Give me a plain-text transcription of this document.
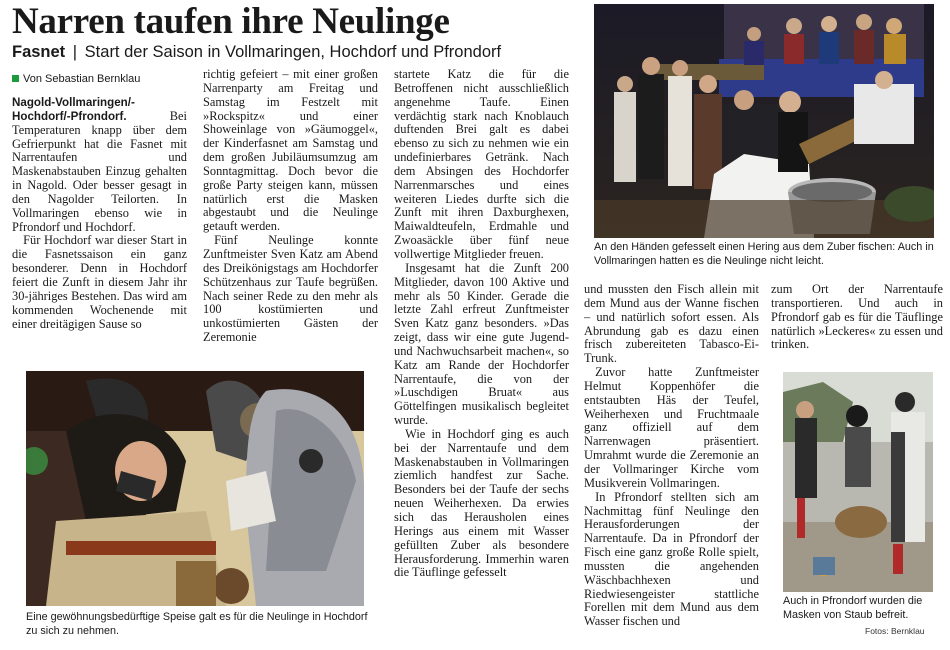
Narren taufen ihre Neulinge
Fasnet | Start der Saison in Vollmaringen, Hochdorf und Pfrondorf
Von Sebastian Bernklau

Nagold-Vollmaringen/-Hochdorf/-Pfrondorf. Bei Temperaturen knapp über dem Gefrierpunkt hat die Fasnet mit Narrentaufen und Maskenabstauben Einzug gehalten in Nagold. Oder besser gesagt in den Nagolder Teilorten. In Vollmaringen ebenso wie in Pfrondorf und Hochdorf.

Für Hochdorf war dieser Start in die Fasnetssaison ein ganz besonderer. Denn in Hochdorf feiert die Zunft in diesem Jahr ihr 30-jähriges Bestehen. Das wird am kommenden Wochenende mit einer dreitägigen Sause so

richtig gefeiert – mit einer großen Narrenparty am Freitag und Samstag im Festzelt mit »Rockspitz« und einer Showeinlage von »Gäumoggel«, der Kinderfasnet am Samstag und dem großen Jubiläumsumzug am Sonntagmittag. Doch bevor die große Party steigen kann, müssen natürlich erst die Masken abgestaubt und die Neulinge getauft werden.

Fünf Neulinge konnte Zunftmeister Sven Katz am Abend des Dreikönigstags am Hochdorfer Schützenhaus zur Taufe begrüßen. Nach seiner Rede zu den mehr als 100 kostümierten und unkostümierten Gästen der Zeremonie

startete Katz die für die Betroffenen nicht ausschließlich angenehme Taufe. Einen verdächtig stark nach Knoblauch duftenden Brei galt es dabei ebenso zu sich zu nehmen wie ein undefinierbares Getränk. Nach dem Absingen des Hochdorfer Narrenmarsches und eines weiteren Liedes durfte sich die Zunft mit ihren Daxburghexen, Maiwaldteufeln, Erdmahle und Zwoasäckle über fünf neue vollwertige Mitglieder freuen.

Insgesamt hat die Zunft 200 Mitglieder, davon 100 Aktive und mehr als 50 Kinder. Gerade die letzte Zahl erfreut Zunftmeister Sven Katz ganz besonders. »Das zeigt, dass wir eine gute Jugend- und Nachwuchsarbeit machen«, so Katz am Rande der Hochdorfer Narrentaufe, die von der »Luschdigen Bruat« aus Göttelfingen musikalisch begleitet wurde.

Wie in Hochdorf ging es auch bei der Narrentaufe und dem Maskenabstauben in Vollmaringen ziemlich handfest zur Sache. Besonders bei der Taufe der sechs neuen Weiherhexen. Da erwies sich das Herausholen eines Herings aus einem mit Wasser gefüllten Zuber als besondere Herausforderung. Immerhin waren die Täuflinge gefesselt

und mussten den Fisch allein mit dem Mund aus der Wanne fischen – und natürlich sofort essen. Als Abrundung gab es dazu einen frisch zubereiteten Tabasco-Ei-Trunk.

Zuvor hatte Zunftmeister Helmut Koppenhöfer die entstaubten Häs der Teufel, Weiherhexen und Fruchtmaale ganz offiziell auf dem Narrenwagen präsentiert. Umrahmt wurde die Zeremonie an der Vollmaringer Kirche vom Musikverein Vollmaringen.

In Pfrondorf stellten sich am Nachmittag fünf Neulinge den Herausforderungen der Narrentaufe. Da in Pfrondorf der Fisch eine ganz große Rolle spielt, mussten die angehenden Wäschbachhexen und Riedwiesengeister stattliche Forellen mit dem Mund aus dem Wasser fischen und

zum Ort der Narrentaufe transportieren. Und auch in Pfrondorf gab es für die Täuflinge natürlich »Leckeres« zu essen und trinken.

An den Händen gefesselt einen Hering aus dem Zuber fischen: Auch in Vollmaringen hatten es die Neulinge nicht leicht.
Eine gewöhnungsbedürftige Speise galt es für die Neulinge in Hochdorf zu sich zu nehmen.
Auch in Pfrondorf wurden die Masken von Staub befreit.
Fotos: Bernklau
